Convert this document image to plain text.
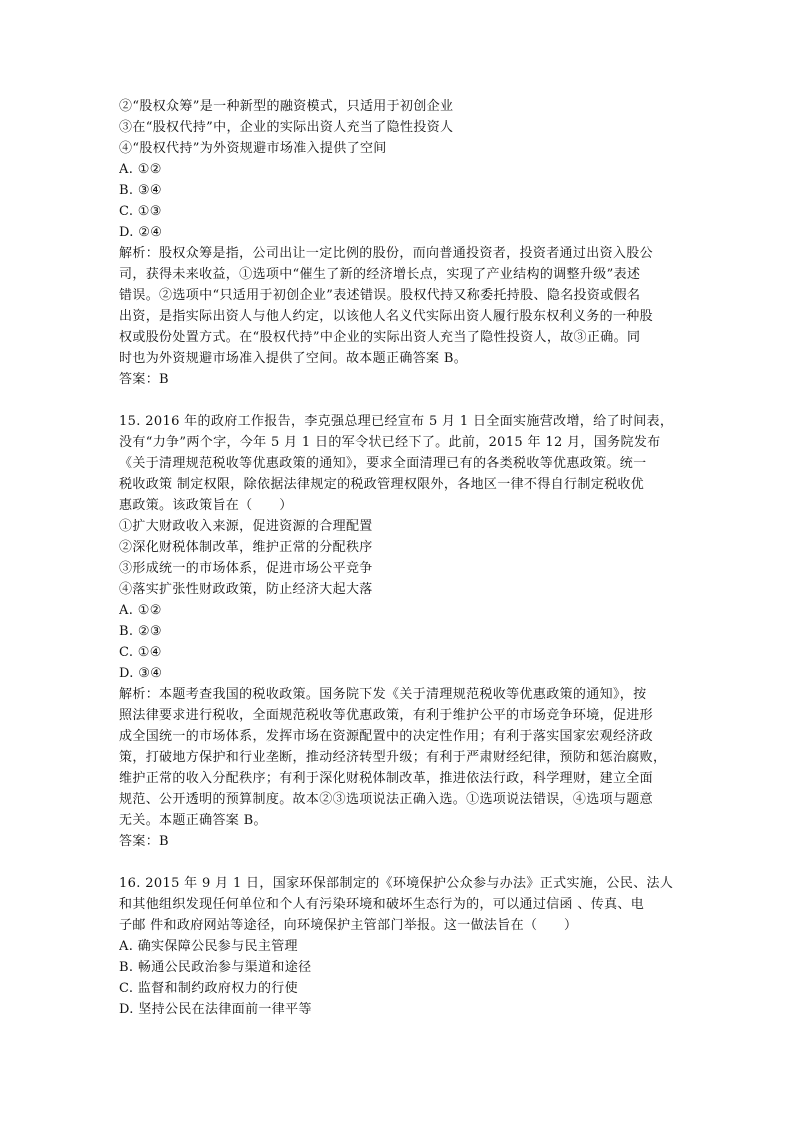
②“股权众筹”是一种新型的融资模式，只适用于初创企业
③在“股权代持”中，企业的实际出资人充当了隐性投资人
④“股权代持”为外资规避市场准入提供了空间
A. ①②
B. ③④
C. ①③
D. ②④
解析：股权众筹是指，公司出让一定比例的股份，而向普通投资者，投资者通过出资入股公
司，获得未来收益，①选项中“催生了新的经济增长点，实现了产业结构的调整升级”表述
错误。②选项中“只适用于初创企业”表述错误。股权代持又称委托持股、隐名投资或假名
出资，是指实际出资人与他人约定，以该他人名义代实际出资人履行股东权利义务的一种股
权或股份处置方式。在“股权代持”中企业的实际出资人充当了隐性投资人，故③正确。同
时也为外资规避市场准入提供了空间。故本题正确答案 B。
答案：B
15. 2016 年的政府工作报告，李克强总理已经宣布 5 月 1 日全面实施营改增，给了时间表，
没有“力争”两个字，今年 5 月 1 日的军令状已经下了。此前，2015 年 12 月，国务院发布
《关于清理规范税收等优惠政策的通知》，要求全面清理已有的各类税收等优惠政策。统一
税收政策 制定权限，除依据法律规定的税政管理权限外，各地区一律不得自行制定税收优
惠政策。该政策旨在（　　）
①扩大财政收入来源，促进资源的合理配置
②深化财税体制改革，维护正常的分配秩序
③形成统一的市场体系，促进市场公平竞争
④落实扩张性财政政策，防止经济大起大落
A. ①②
B. ②③
C. ①④
D. ③④
解析：本题考查我国的税收政策。国务院下发《关于清理规范税收等优惠政策的通知》，按
照法律要求进行税收，全面规范税收等优惠政策，有利于维护公平的市场竞争环境，促进形
成全国统一的市场体系，发挥市场在资源配置中的决定性作用；有利于落实国家宏观经济政
策，打破地方保护和行业垄断，推动经济转型升级；有利于严肃财经纪律，预防和惩治腐败，
维护正常的收入分配秩序；有利于深化财税体制改革，推进依法行政，科学理财，建立全面
规范、公开透明的预算制度。故本②③选项说法正确入选。①选项说法错误，④选项与题意
无关。本题正确答案 B。
答案：B
16. 2015 年 9 月 1 日，国家环保部制定的《环境保护公众参与办法》正式实施，公民、法人
和其他组织发现任何单位和个人有污染环境和破坏生态行为的，可以通过信函 、传真、电
子邮 件和政府网站等途径，向环境保护主管部门举报。这一做法旨在（　　）
A. 确实保障公民参与民主管理
B. 畅通公民政治参与渠道和途径
C. 监督和制约政府权力的行使
D. 坚持公民在法律面前一律平等
